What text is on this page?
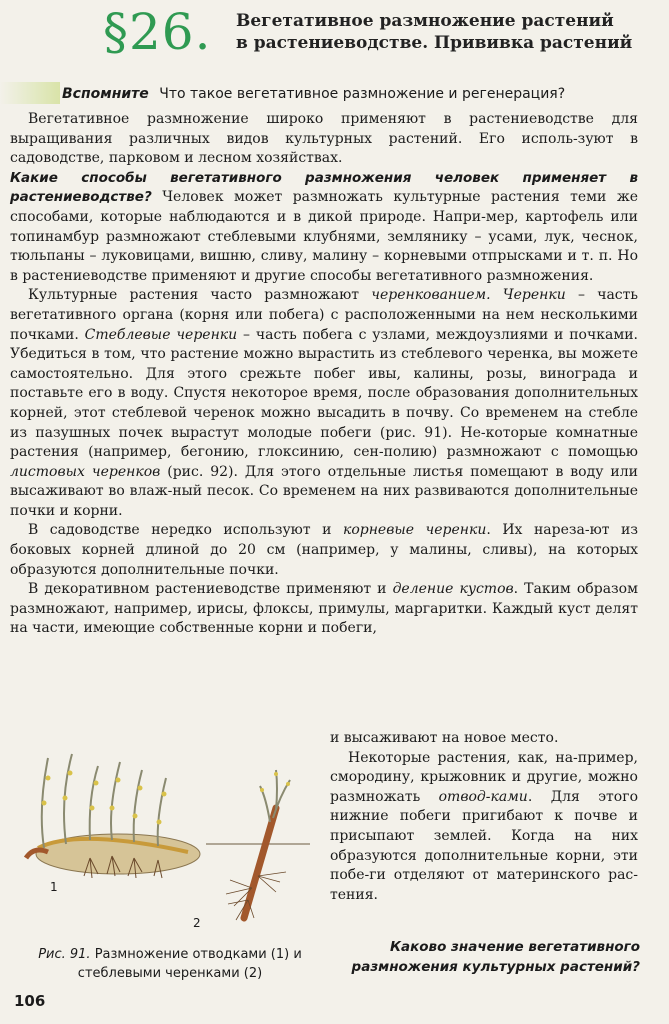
§26. Вегетативное размножение растений
в растениеводстве. Прививка растений
Вспомните Что такое вегетативное размножение и регенерация?

Вегетативное размножение широко применяют в растениеводстве для выращивания различных видов культурных растений. Его исполь-зуют в садоводстве, парковом и лесном хозяйствах.

Какие способы вегетативного размножения человек применяет в растениеводстве? Человек может размножать культурные растения теми же способами, которые наблюдаются и в дикой природе. Напри-мер, картофель или топинамбур размножают стеблевыми клубнями, землянику – усами, лук, чеснок, тюльпаны – луковицами, вишню, сливу, малину – корневыми отпрысками и т. п. Но в растениеводстве применяют и другие способы вегетативного размножения.

Культурные растения часто размножают черенкованием. Черенки – часть вегетативного органа (корня или побега) с расположенными на нем несколькими почками. Стеблевые черенки – часть побега с узлами, междоузлиями и почками. Убедиться в том, что растение можно вырастить из стеблевого черенка, вы можете самостоятельно. Для этого срежьте побег ивы, калины, розы, винограда и поставьте его в воду. Спустя некоторое время, после образования дополнительных корней, этот стеблевой черенок можно высадить в почву. Со временем на стебле из пазушных почек вырастут молодые побеги (рис. 91). Не-которые комнатные растения (например, бегонию, глоксинию, сен-полию) размножают с помощью листовых черенков (рис. 92). Для этого отдельные листья помещают в воду или высаживают во влаж-ный песок. Со временем на них развиваются дополнительные почки и корни.

В садоводстве нередко используют и корневые черенки. Их нареза-ют из боковых корней длиной до 20 см (например, у малины, сливы), на которых образуются дополнительные почки.

В декоративном растениеводстве применяют и деление кустов. Таким образом размножают, например, ирисы, флоксы, примулы, маргаритки. Каждый куст делят на части, имеющие собственные корни и побеги,

и высаживают на новое место.

Некоторые растения, как, на-пример, смородину, крыжовник и другие, можно размножать отвод-ками. Для этого нижние побеги пригибают к почве и присыпают землей. Когда на них образуются дополнительные корни, эти побе-ги отделяют от материнского рас-тения.

Каково значение вегетативного размножения культурных растений?
1
2
Рис. 91. Размножение отводками (1) и стеблевыми черенками (2)
106
